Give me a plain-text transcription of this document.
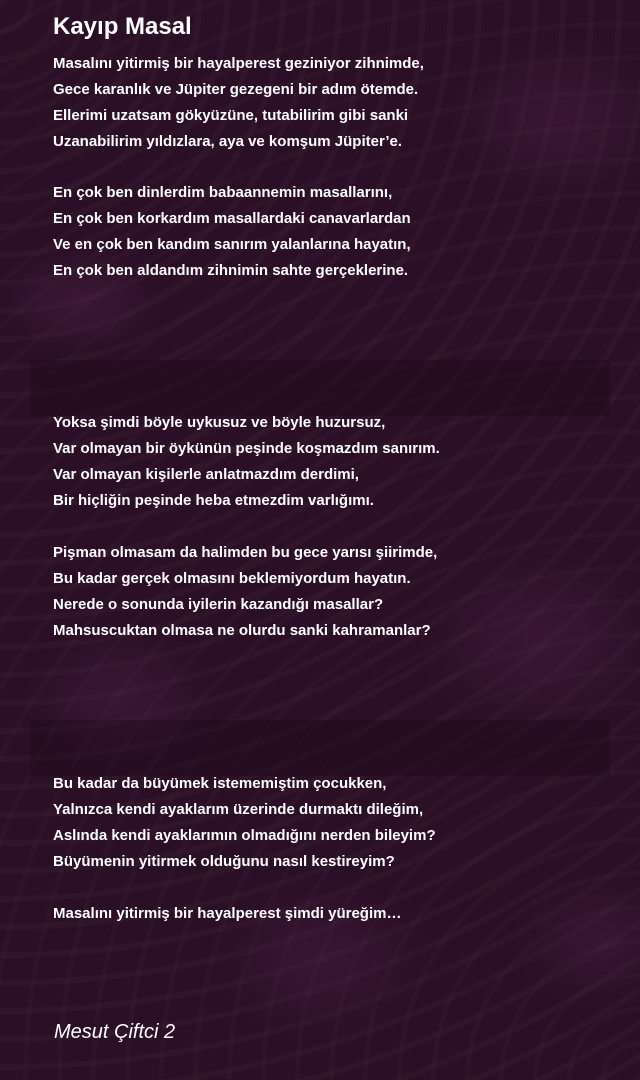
Kayıp Masal
Masalını yitirmiş bir hayalperest geziniyor zihnimde,
Gece karanlık ve Jüpiter gezegeni bir adım ötemde.
Ellerimi uzatsam gökyüzüne, tutabilirim gibi sanki
Uzanabilirim yıldızlara, aya ve komşum Jüpiter’e.
En çok ben dinlerdim babaannemin masallarını,
En çok ben korkardım masallardaki canavarlardan
Ve en çok ben kandım sanırım yalanlarına hayatın,
En çok ben aldandım zihnimin sahte gerçeklerine.
Yoksa şimdi böyle uykusuz ve böyle huzursuz,
Var olmayan bir öykünün peşinde koşmazdım sanırım.
Var olmayan kişilerle anlatmazdım derdimi,
Bir hiçliğin peşinde heba etmezdim varlığımı.
Pişman olmasam da halimden bu gece yarısı şiirimde,
Bu kadar gerçek olmasını beklemiyordum hayatın.
Nerede o sonunda iyilerin kazandığı masallar?
Mahsuscuktan olmasa ne olurdu sanki kahramanlar?
Bu kadar da büyümek istememiştim çocukken,
Yalnızca kendi ayaklarım üzerinde durmaktı dileğim,
Aslında kendi ayaklarımın olmadığını nerden bileyim?
Büyümenin yitirmek olduğunu nasıl kestireyim?
Masalını yitirmiş bir hayalperest şimdi yüreğim…
Mesut Çiftci 2
